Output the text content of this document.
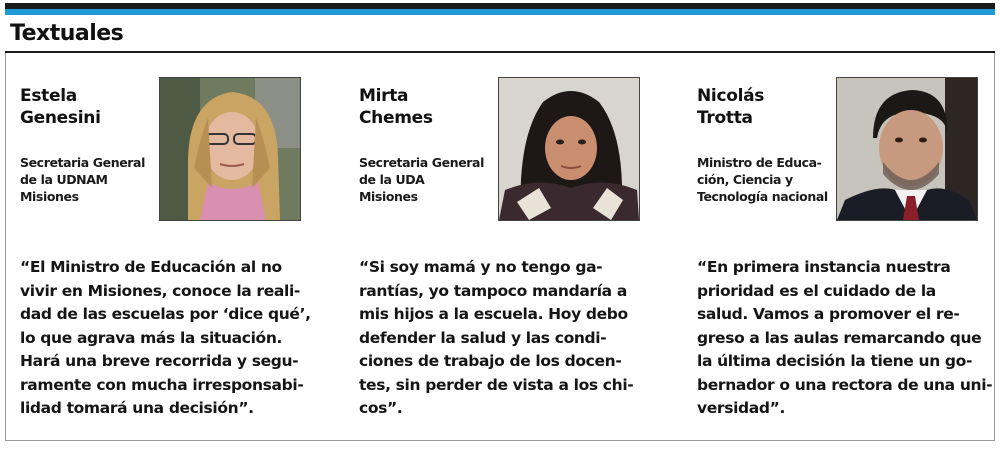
Textuales
Estela
Genesini
Secretaria General
de la UDNAM
Misiones
“El Ministro de Educación al no
vivir en Misiones, conoce la reali-
dad de las escuelas por ‘dice qué’,
lo que agrava más la situación.
Hará una breve recorrida y segu-
ramente con mucha irresponsabi-
lidad tomará una decisión”.
Mirta
Chemes
Secretaria General
de la UDA
Misiones
“Si soy mamá y no tengo ga-
rantías, yo tampoco mandaría a
mis hijos a la escuela. Hoy debo
defender la salud y las condi-
ciones de trabajo de los docen-
tes, sin perder de vista a los chi-
cos”.
Nicolás
Trotta
Ministro de Educa-
ción, Ciencia y
Tecnología nacional
“En primera instancia nuestra
prioridad es el cuidado de la
salud. Vamos a promover el re-
greso a las aulas remarcando que
la última decisión la tiene un go-
bernador o una rectora de una uni-
versidad”.
